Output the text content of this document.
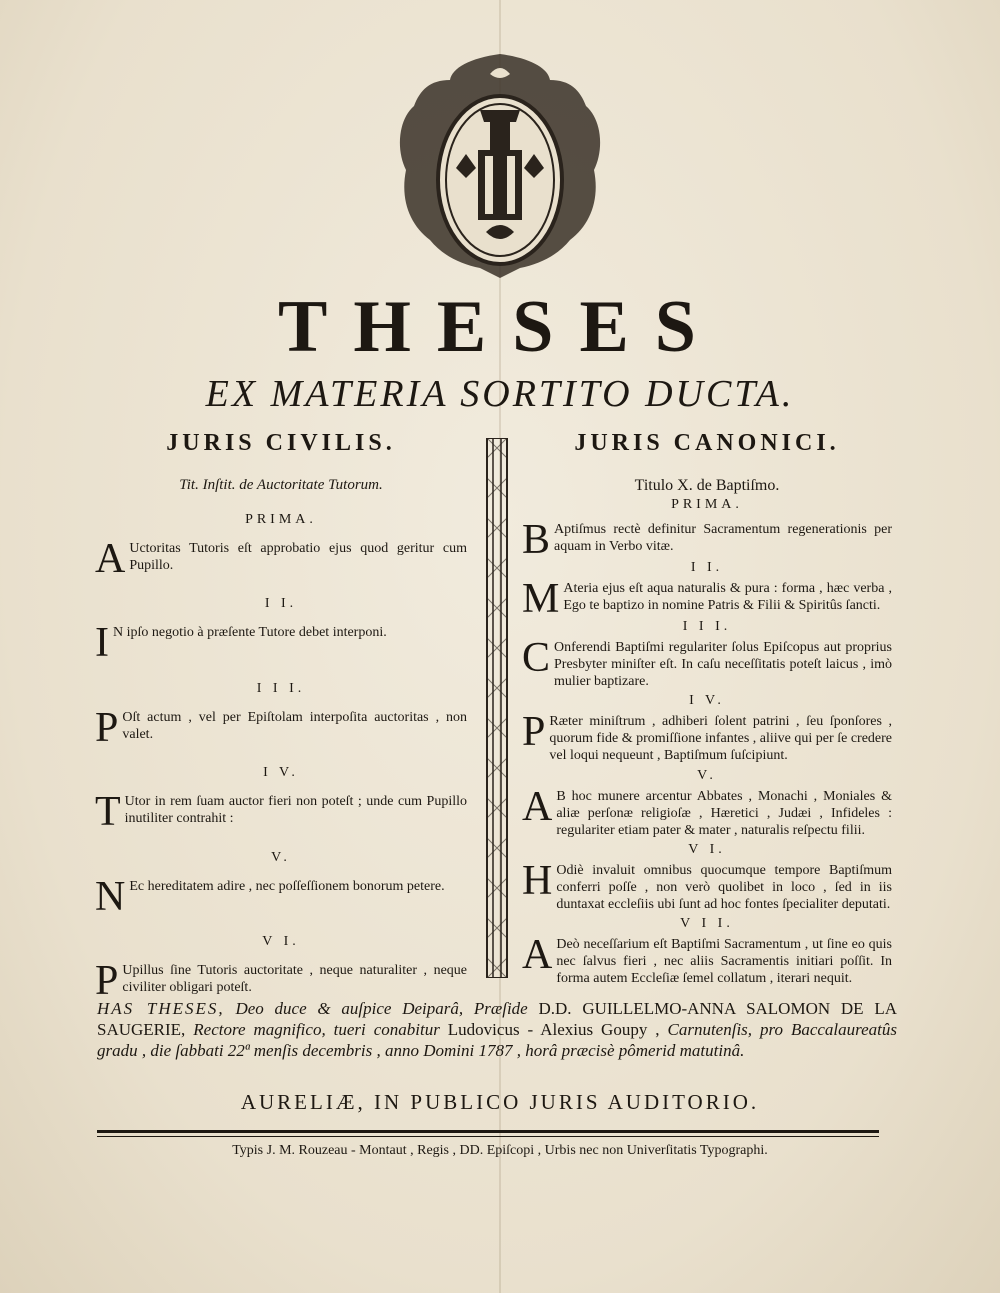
THESES
EX MATERIA SORTITO DUCTA.
JURIS CIVILIS.
Tit. Inſtit. de Auctoritate Tutorum.
PRIMA.

A Uctoritas Tutoris eſt approbatio ejus quod geritur cum Pupillo.

I I.

I N ipſo negotio à præſente Tutore debet interponi.

I I I.

P Oſt actum , vel per Epiſtolam interpoſita auctoritas , non valet.

I V.

T Utor in rem ſuam auctor fieri non poteſt ; unde cum Pupillo inutiliter contrahit :

V.

N Ec hereditatem adire , nec poſſeſſionem bonorum petere.

V I.

P Upillus ſine Tutoris auctoritate , neque naturaliter , neque civiliter obligari poteſt.

JURIS CANONICI.
Titulo X. de Baptiſmo.
PRIMA.

B Aptiſmus rectè definitur Sacramentum regenerationis per aquam in Verbo vitæ.

I I.

M Ateria ejus eſt aqua naturalis & pura : forma , hæc verba , Ego te baptizo in nomine Patris & Filii & Spiritûs ſancti.

I I I.

C Onferendi Baptiſmi regulariter ſolus Epiſcopus aut proprius Presbyter miniſter eſt. In caſu neceſſitatis poteſt laicus , imò mulier baptizare.

I V.

P Ræter miniſtrum , adhiberi ſolent patrini , ſeu ſponſores , quorum fide & promiſſione infantes , aliive qui per ſe credere vel loqui nequeunt , Baptiſmum ſuſcipiunt.

V.

A B hoc munere arcentur Abbates , Monachi , Moniales & aliæ perſonæ religioſæ , Hæretici , Judæi , Infideles : regulariter etiam pater & mater , naturalis reſpectu filii.

V I.

H Odiè invaluit omnibus quocumque tempore Baptiſmum conferri poſſe , non verò quolibet in loco , ſed in iis duntaxat eccleſiis ubi ſunt ad hoc fontes ſpecialiter deputati.

V I I.

A Deò neceſſarium eſt Baptiſmi Sacramentum , ut ſine eo quis nec ſalvus fieri , nec aliis Sacramentis initiari poſſit. In forma autem Eccleſiæ ſemel collatum , iterari nequit.

HAS THESES, Deo duce & auſpice Deiparâ, Præſide D.D. GUILLELMO-ANNA SALOMON DE LA SAUGERIE, Rectore magnifico, tueri conabitur Ludovicus - Alexius Goupy , Carnutenſis, pro Baccalaureatûs gradu , die ſabbati 22ª menſis decembris , anno Domini 1787 , horâ præcisè pômerid matutinâ.
AURELIÆ, IN PUBLICO JURIS AUDITORIO.
Typis J. M. Rouzeau - Montaut , Regis , DD. Epiſcopi , Urbis nec non Univerſitatis Typographi.
